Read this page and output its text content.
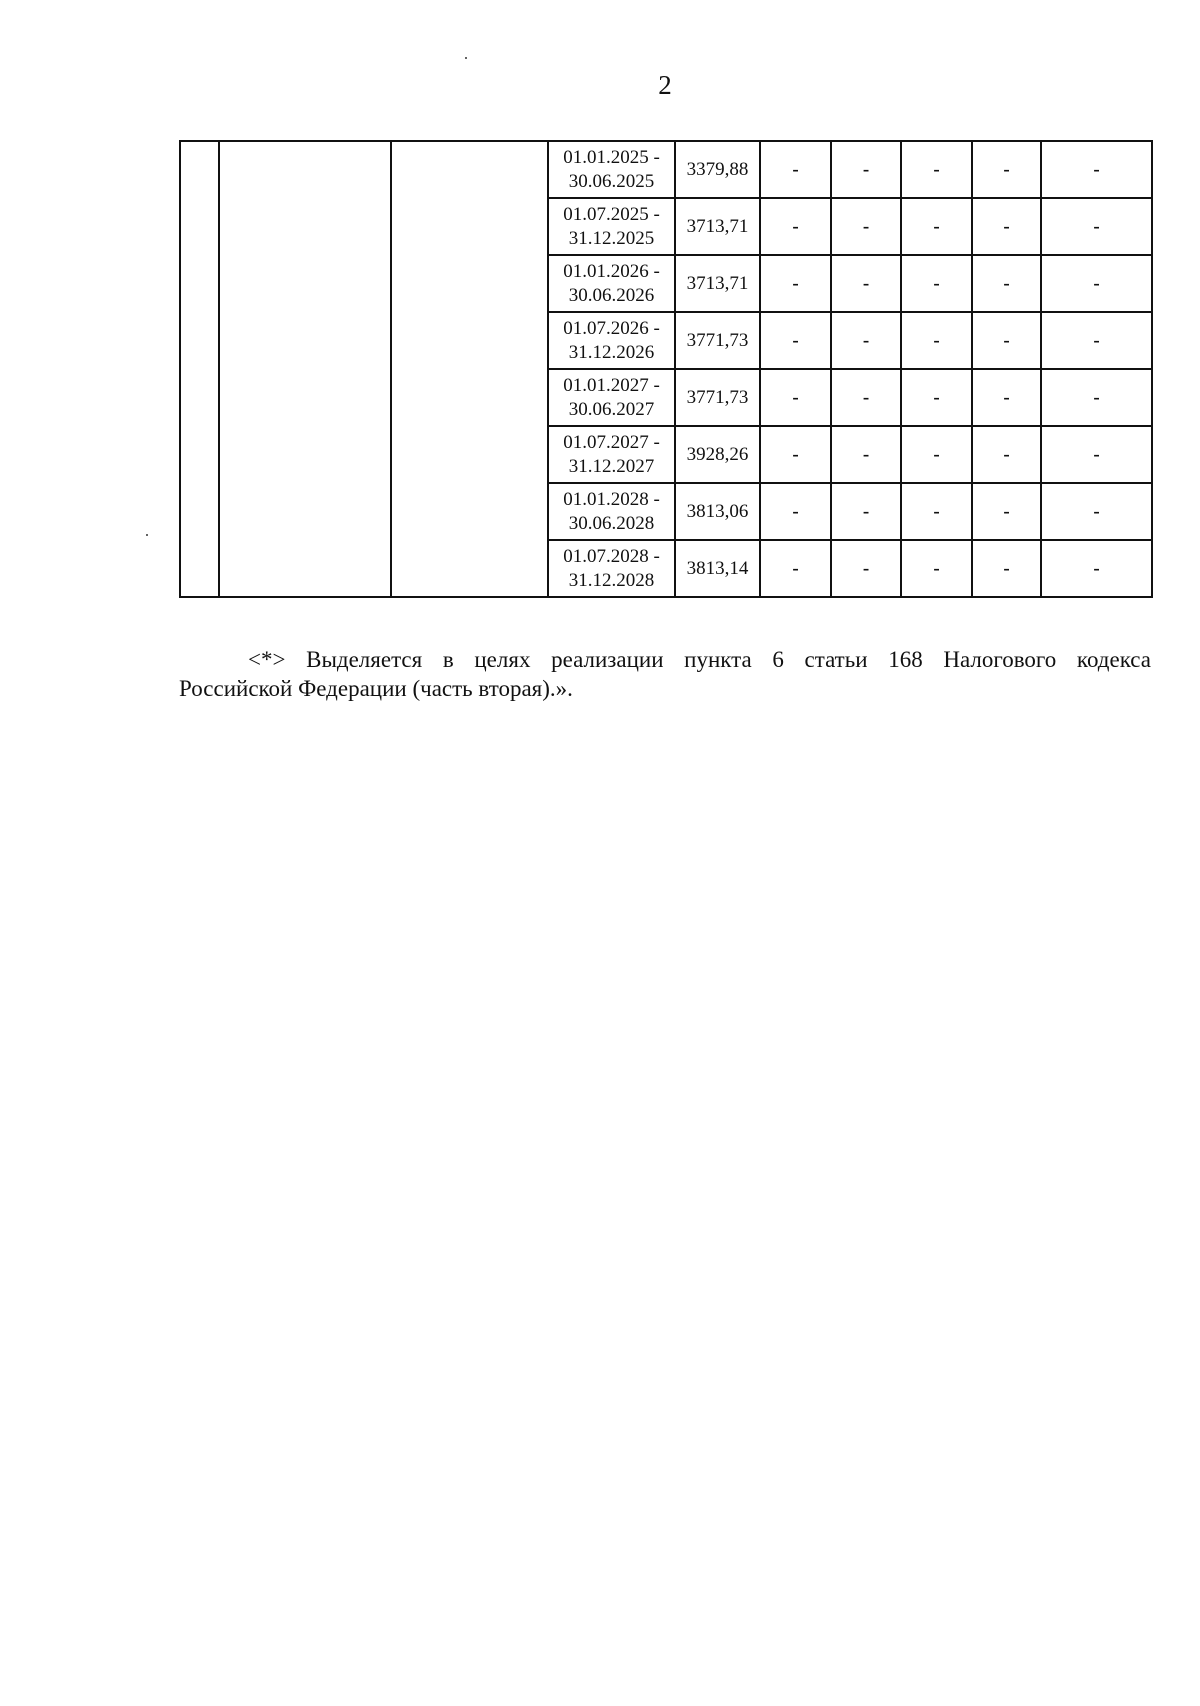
2

			01.01.2025 -
30.06.2025	3379,88	-	-	-	-	-

			01.07.2025 -
31.12.2025	3713,71	-	-	-	-	-

			01.01.2026 -
30.06.2026	3713,71	-	-	-	-	-

			01.07.2026 -
31.12.2026	3771,73	-	-	-	-	-

			01.01.2027 -
30.06.2027	3771,73	-	-	-	-	-

			01.07.2027 -
31.12.2027	3928,26	-	-	-	-	-

			01.01.2028 -
30.06.2028	3813,06	-	-	-	-	-

			01.07.2028 -
31.12.2028	3813,14	-	-	-	-	-
<*> Выделяется в целях реализации пункта 6 статьи 168 Налогового кодекса
Российской Федерации (часть вторая).».
